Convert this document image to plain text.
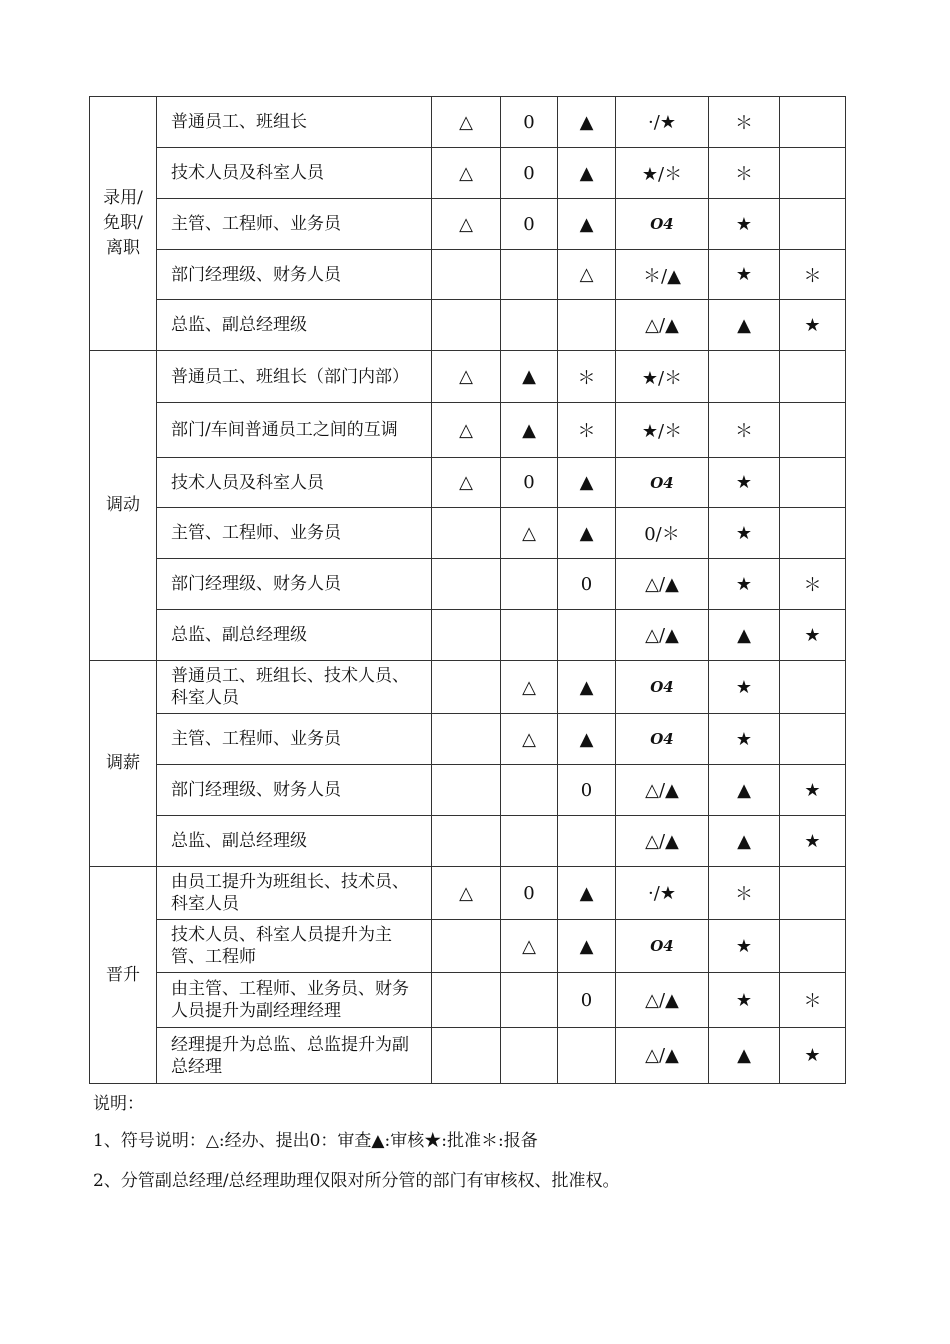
录用/
免职/
离职	普通员工、班组长	△	0	▲	·/★	＊	
	技术人员及科室人员	△	0	▲	★/＊	＊	
	主管、工程师、业务员	△	0	▲	O4	★	
	部门经理级、财务人员			△	＊/▲	★	＊
	总监、副总经理级				△/▲	▲	★
调动	普通员工、班组长（部门内部）	△	▲	＊	★/＊		
	部门/车间普通员工之间的互调	△	▲	＊	★/＊	＊	
	技术人员及科室人员	△	0	▲	O4	★	
	主管、工程师、业务员		△	▲	0/＊	★	
	部门经理级、财务人员			0	△/▲	★	＊
	总监、副总经理级				△/▲	▲	★
调薪	普通员工、班组长、技术人员、科室人员		△	▲	O4	★	
	主管、工程师、业务员		△	▲	O4	★	
	部门经理级、财务人员			0	△/▲	▲	★
	总监、副总经理级				△/▲	▲	★
晋升	由员工提升为班组长、技术员、科室人员	△	0	▲	·/★	＊	
	技术人员、科室人员提升为主管、工程师		△	▲	O4	★	
	由主管、工程师、业务员、财务人员提升为副经理经理			0	△/▲	★	＊
	经理提升为总监、总监提升为副总经理				△/▲	▲	★
说明：
1、符号说明：△:经办、提出0：审查▲:审核★:批准＊:报备
2、分管副总经理/总经理助理仅限对所分管的部门有审核权、批准权。
